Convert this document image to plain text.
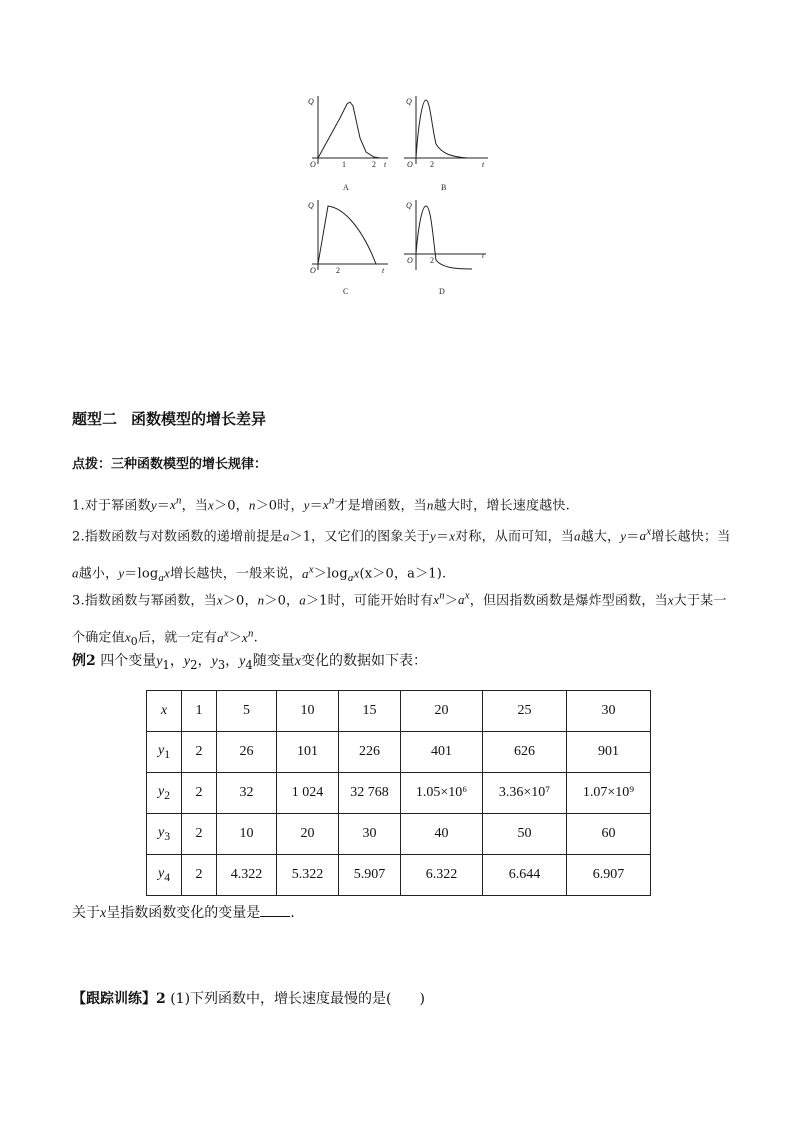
Q
O	1	2 t
A
Q
O 2	t
B
Q
O	2	t
C
Q
O 2
t
D
题型二 函数模型的增长差异
点拨：三种函数模型的增长规律：
1.对于幂函数$y=x^n$，当x＞0，n＞0时，$y=x^n$才是增函数，当n越大时，增长速度越快.
2.指数函数与对数函数的递增前提是a＞1，又它们的图象关于y＝x对称，从而可知，当a越大，$y=a^x$增长越快；当a越小，$y=\log_ax$增长越快，一般来说，$a^x>\log_ax(x>0$，a＞1).
3.指数函数与幂函数，当x＞0，n＞0，a＞1时，可能开始时有$x^n>a^x$，但因指数函数是爆炸型函数，当x大于某一个确定值$x_0$后，就一定有$a^x>x^n$.
例2 四个变量$y_1$，$y_2$，$y_3$，$y_4$随变量x变化的数据如下表：
x	1	5	10	15	20	25	30
$y_1$	2	26	101	226	401	626	901
$y_2$	2	32	1 024	32 768	1.05×10⁶	3.36×10⁷	1.07×10⁹
$y_3$	2	10	20	30	40	50	60
$y_4$	2	4.322	5.322	5.907	6.322	6.644	6.907
关于x呈指数函数变化的变量是 .
【跟踪训练】2 (1)下列函数中，增长速度最慢的是(　　)
